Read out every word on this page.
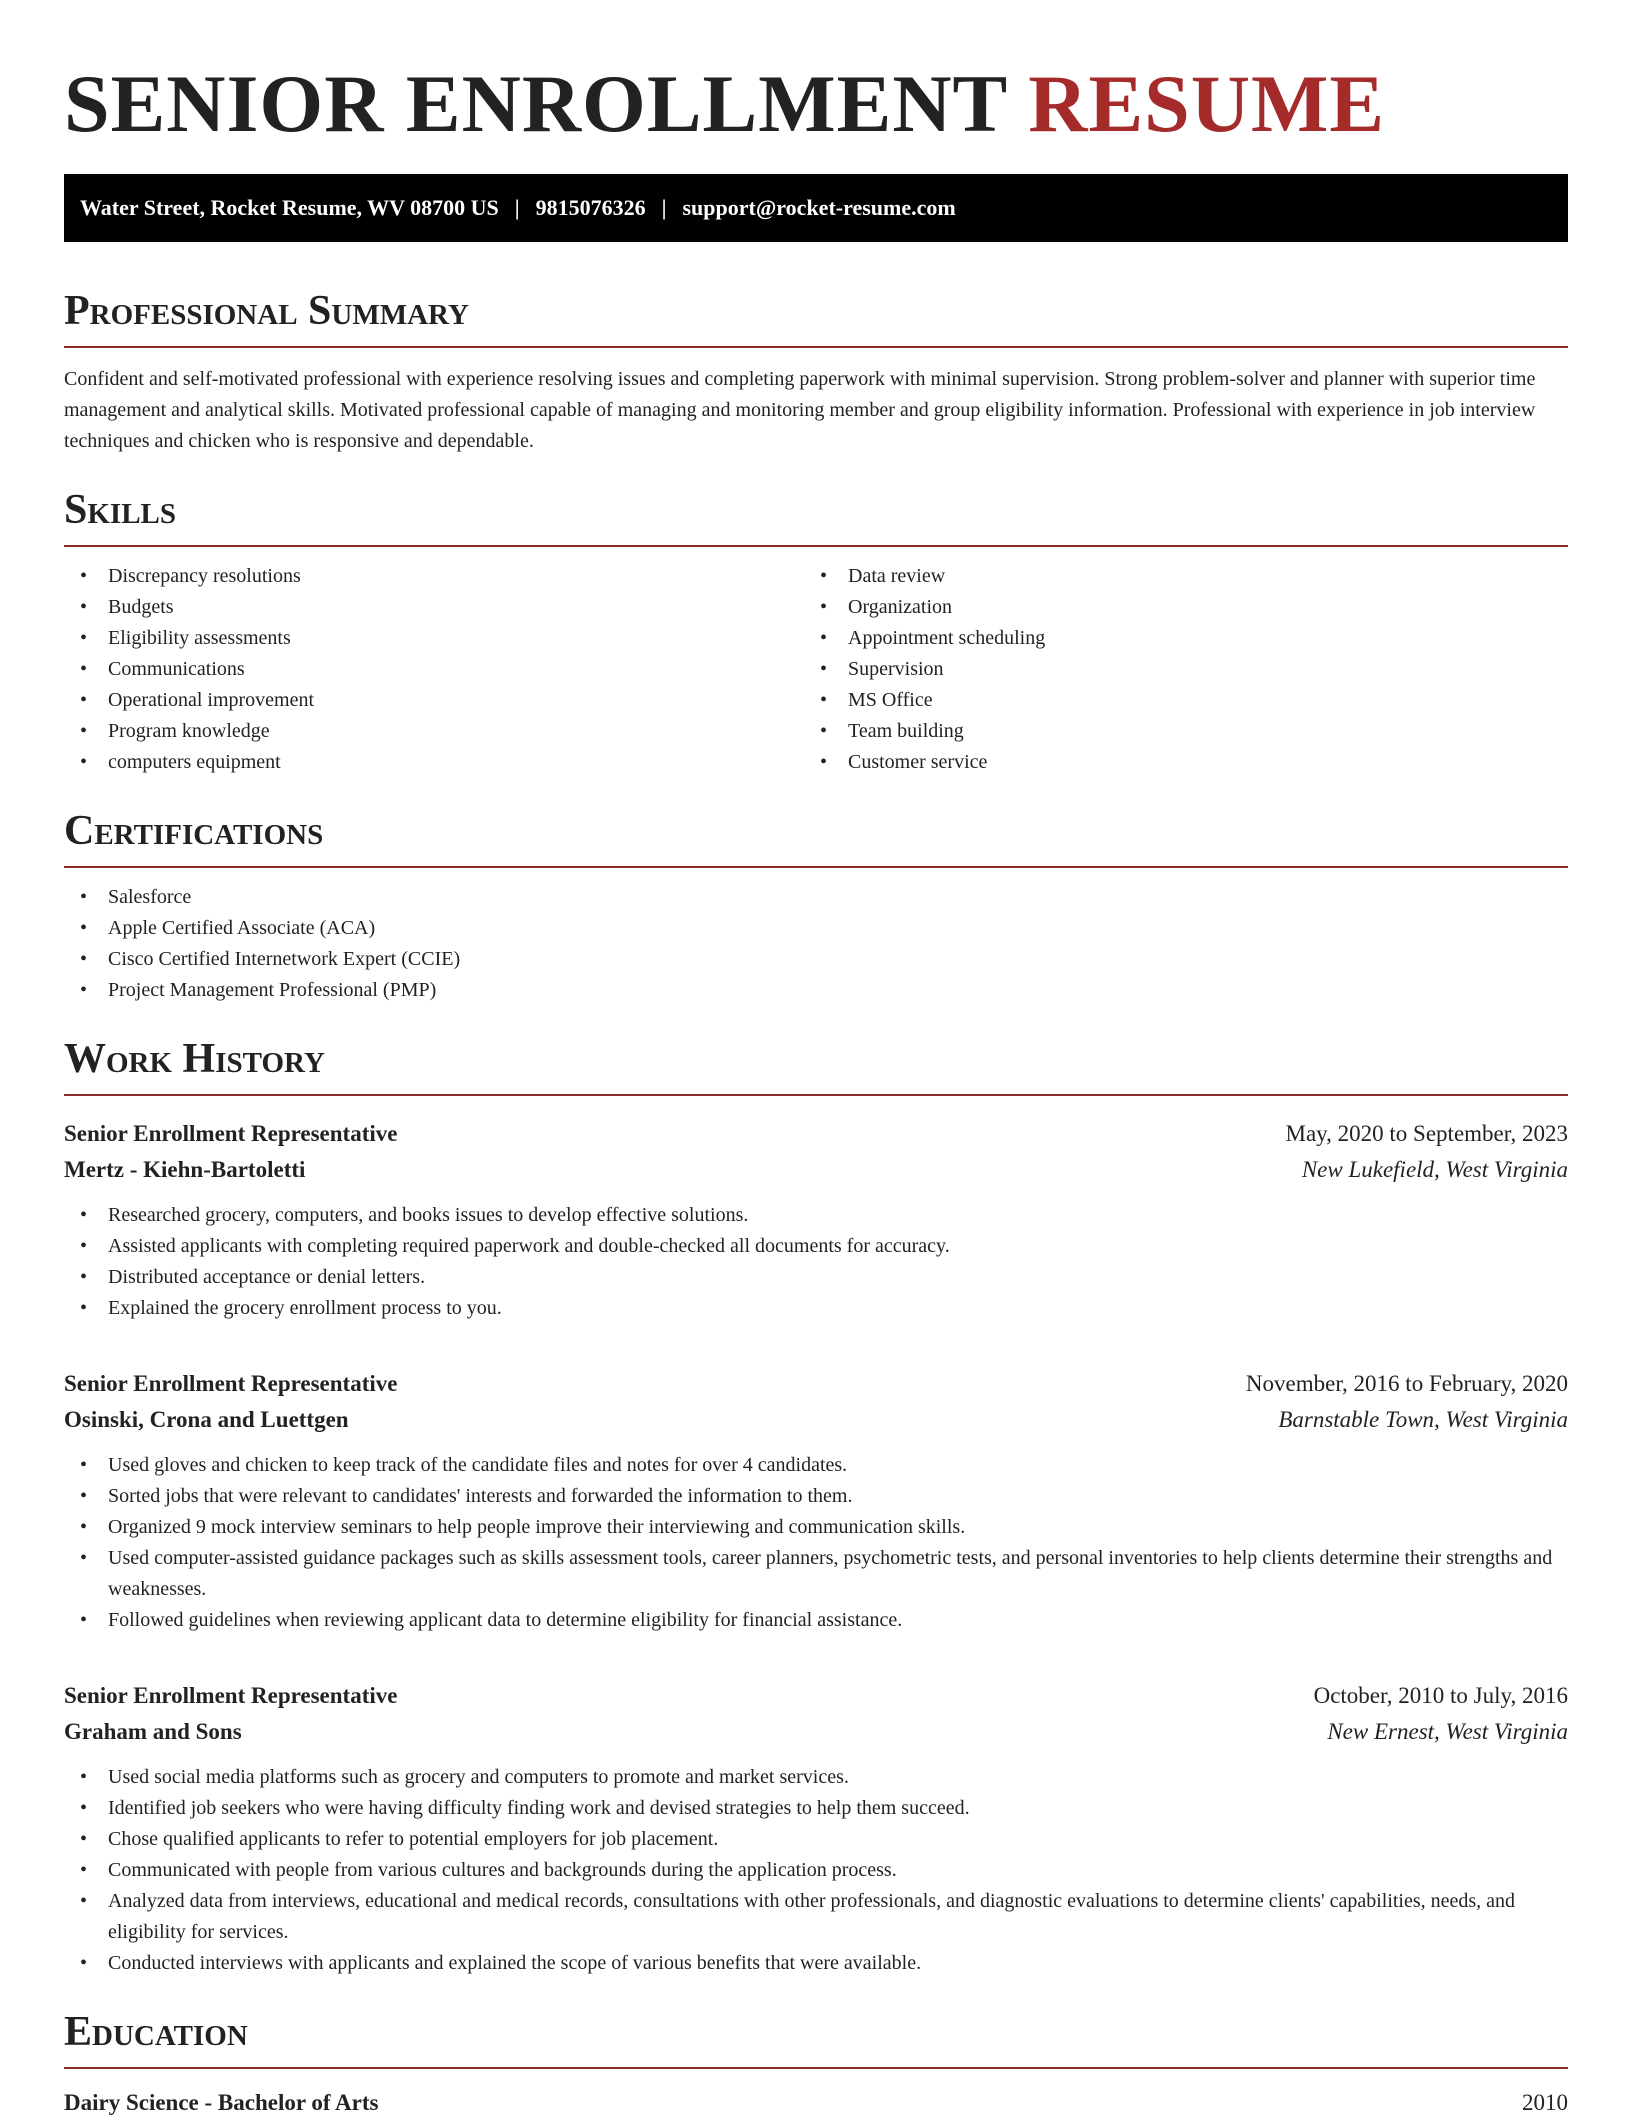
SENIOR ENROLLMENT RESUME
Water Street, Rocket Resume, WV 08700 US | 9815076326 | support@rocket-resume.com
Professional Summary

Confident and self-motivated professional with experience resolving issues and completing paperwork with minimal supervision. Strong problem-solver and planner with superior time management and analytical skills. Motivated professional capable of managing and monitoring member and group eligibility information. Professional with experience in job interview techniques and chicken who is responsive and dependable.

Skills
• Discrepancy resolutions
• Budgets
• Eligibility assessments
• Communications
• Operational improvement
• Program knowledge
• computers equipment
• Data review
• Organization
• Appointment scheduling
• Supervision
• MS Office
• Team building
• Customer service
Certifications
• Salesforce
• Apple Certified Associate (ACA)
• Cisco Certified Internetwork Expert (CCIE)
• Project Management Professional (PMP)
Work History
Senior Enrollment Representative	May, 2020 to September, 2023
Mertz - Kiehn-Bartoletti	New Lukefield, West Virginia
• Researched grocery, computers, and books issues to develop effective solutions.
• Assisted applicants with completing required paperwork and double-checked all documents for accuracy.
• Distributed acceptance or denial letters.
• Explained the grocery enrollment process to you.
Senior Enrollment Representative	November, 2016 to February, 2020
Osinski, Crona and Luettgen	Barnstable Town, West Virginia
• Used gloves and chicken to keep track of the candidate files and notes for over 4 candidates.
• Sorted jobs that were relevant to candidates' interests and forwarded the information to them.
• Organized 9 mock interview seminars to help people improve their interviewing and communication skills.
• Used computer-assisted guidance packages such as skills assessment tools, career planners, psychometric tests, and personal inventories to help clients determine their strengths and weaknesses.
• Followed guidelines when reviewing applicant data to determine eligibility for financial assistance.
Senior Enrollment Representative	October, 2010 to July, 2016
Graham and Sons	New Ernest, West Virginia
• Used social media platforms such as grocery and computers to promote and market services.
• Identified job seekers who were having difficulty finding work and devised strategies to help them succeed.
• Chose qualified applicants to refer to potential employers for job placement.
• Communicated with people from various cultures and backgrounds during the application process.
• Analyzed data from interviews, educational and medical records, consultations with other professionals, and diagnostic evaluations to determine clients' capabilities, needs, and eligibility for services.
• Conducted interviews with applicants and explained the scope of various benefits that were available.
Education
Dairy Science - Bachelor of Arts	2010
